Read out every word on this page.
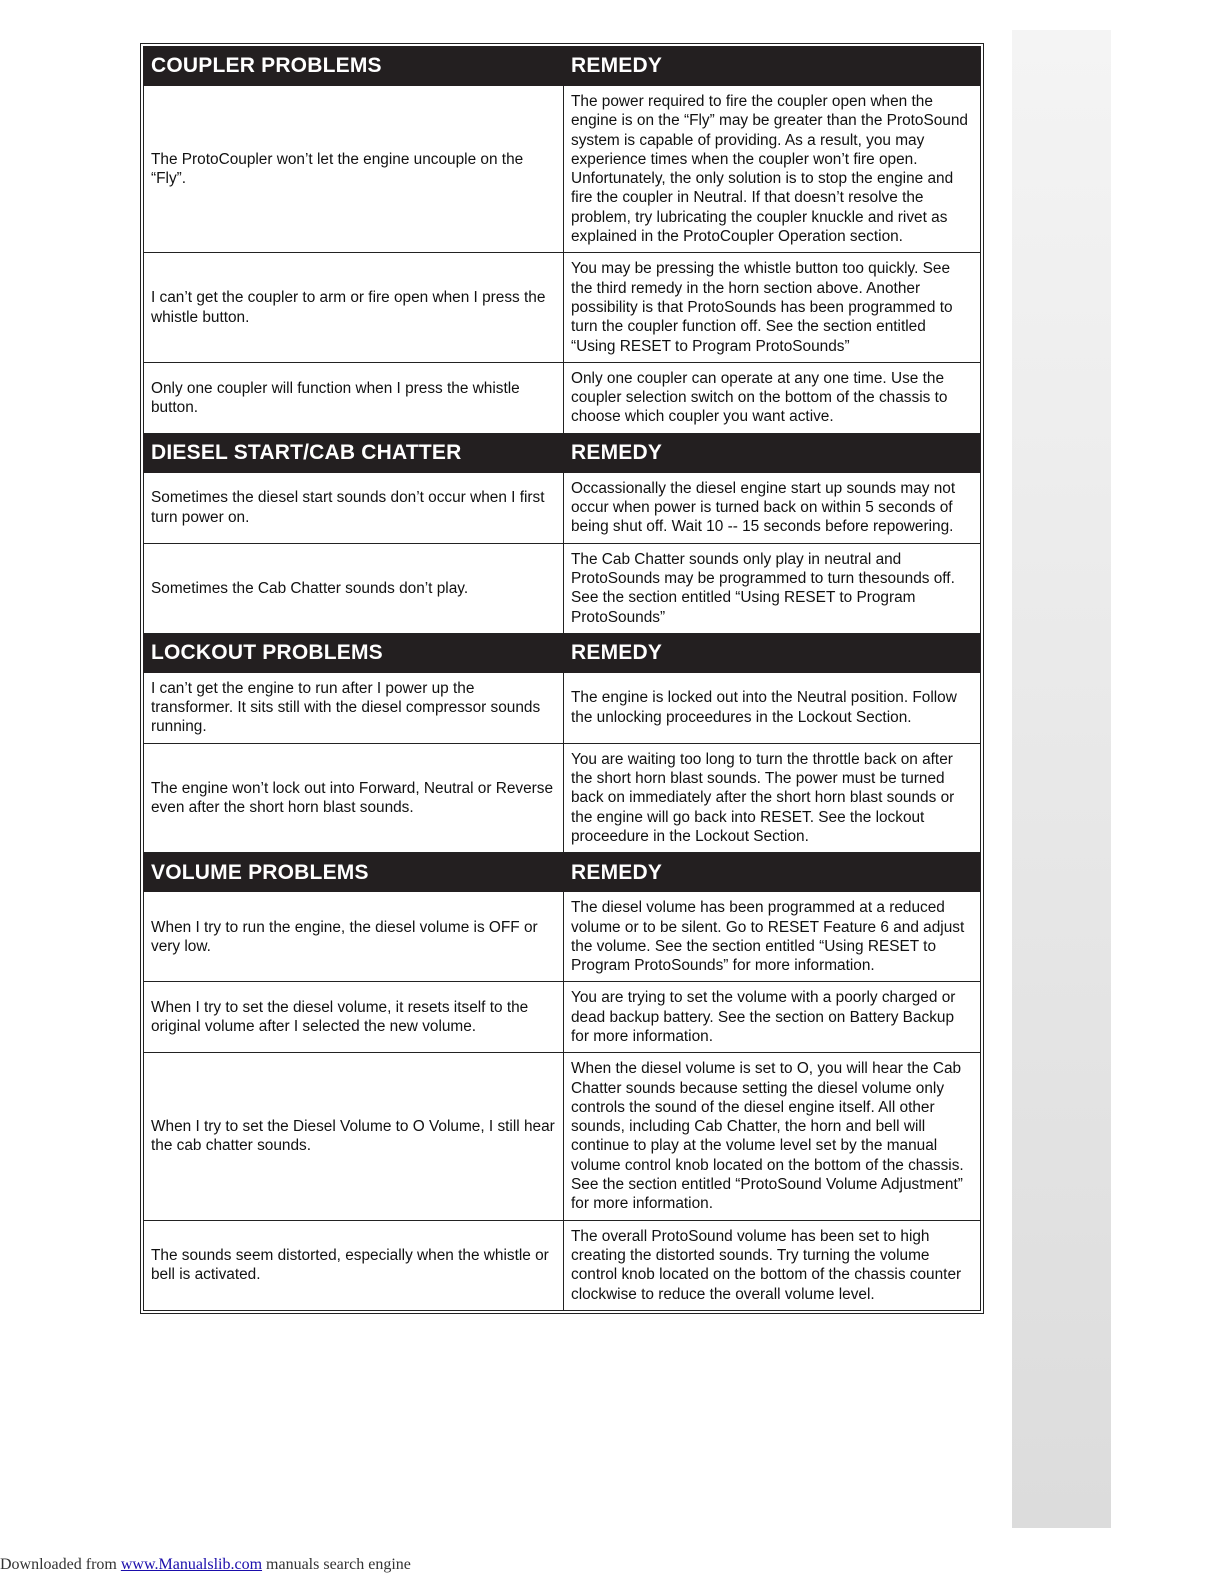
COUPLER PROBLEMS	REMEDY
The ProtoCoupler won’t let the engine uncouple on the “Fly”.	The power required to fire the coupler open when the engine is on the “Fly” may be greater than the ProtoSound system is capable of providing. As a result, you may experience times when the coupler won’t fire open. Unfortunately, the only solution is to stop the engine and fire the coupler in Neutral. If that doesn’t resolve the problem, try lubricating the coupler knuckle and rivet as explained in the ProtoCoupler Operation section.
I can’t get the coupler to arm or fire open when I press the whistle button.	You may be pressing the whistle button too quickly. See the third remedy in the horn section above. Another possibility is that ProtoSounds has been programmed to turn the coupler function off. See the section entitled “Using RESET to Program ProtoSounds”
Only one coupler will function when I press the whistle button.	Only one coupler can operate at any one time. Use the coupler selection switch on the bottom of the chassis to choose which coupler you want active.
DIESEL START/CAB CHATTER	REMEDY
Sometimes the diesel start sounds don’t occur when I first turn power on.	Occassionally the diesel engine start up sounds may not occur when power is turned back on within 5 seconds of being shut off. Wait 10 -- 15 seconds before repowering.
Sometimes the Cab Chatter sounds don’t play.	The Cab Chatter sounds only play in neutral and ProtoSounds may be programmed to turn thesounds off. See the section entitled “Using RESET to Program ProtoSounds”
LOCKOUT PROBLEMS	REMEDY
I can’t get the engine to run after I power up the transformer. It sits still with the diesel compressor sounds running.	The engine is locked out into the Neutral position. Follow the unlocking proceedures in the Lockout Section.
The engine won’t lock out into Forward, Neutral or Reverse even after the short horn blast sounds.	You are waiting too long to turn the throttle back on after the short horn blast sounds. The power must be turned back on immediately after the short horn blast sounds or the engine will go back into RESET. See the lockout proceedure in the Lockout Section.
VOLUME PROBLEMS	REMEDY
When I try to run the engine, the diesel volume is OFF or very low.	The diesel volume has been programmed at a reduced volume or to be silent. Go to RESET Feature 6 and adjust the volume. See the section entitled “Using RESET to Program ProtoSounds” for more information.
When I try to set the diesel volume, it resets itself to the original volume after I selected the new volume.	You are trying to set the volume with a poorly charged or dead backup battery. See the section on Battery Backup for more information.
When I try to set the Diesel Volume to O Volume, I still hear the cab chatter sounds.	When the diesel volume is set to O, you will hear the Cab Chatter sounds because setting the diesel volume only controls the sound of the diesel engine itself. All other sounds, including Cab Chatter, the horn and bell will continue to play at the volume level set by the manual volume control knob located on the bottom of the chassis. See the section entitled “ProtoSound Volume Adjustment” for more information.
The sounds seem distorted, especially when the whistle or bell is activated.	The overall ProtoSound volume has been set to high creating the distorted sounds. Try turning the volume control knob located on the bottom of the chassis counter clockwise to reduce the overall volume level.
Downloaded from www.Manualslib.com manuals search engine
